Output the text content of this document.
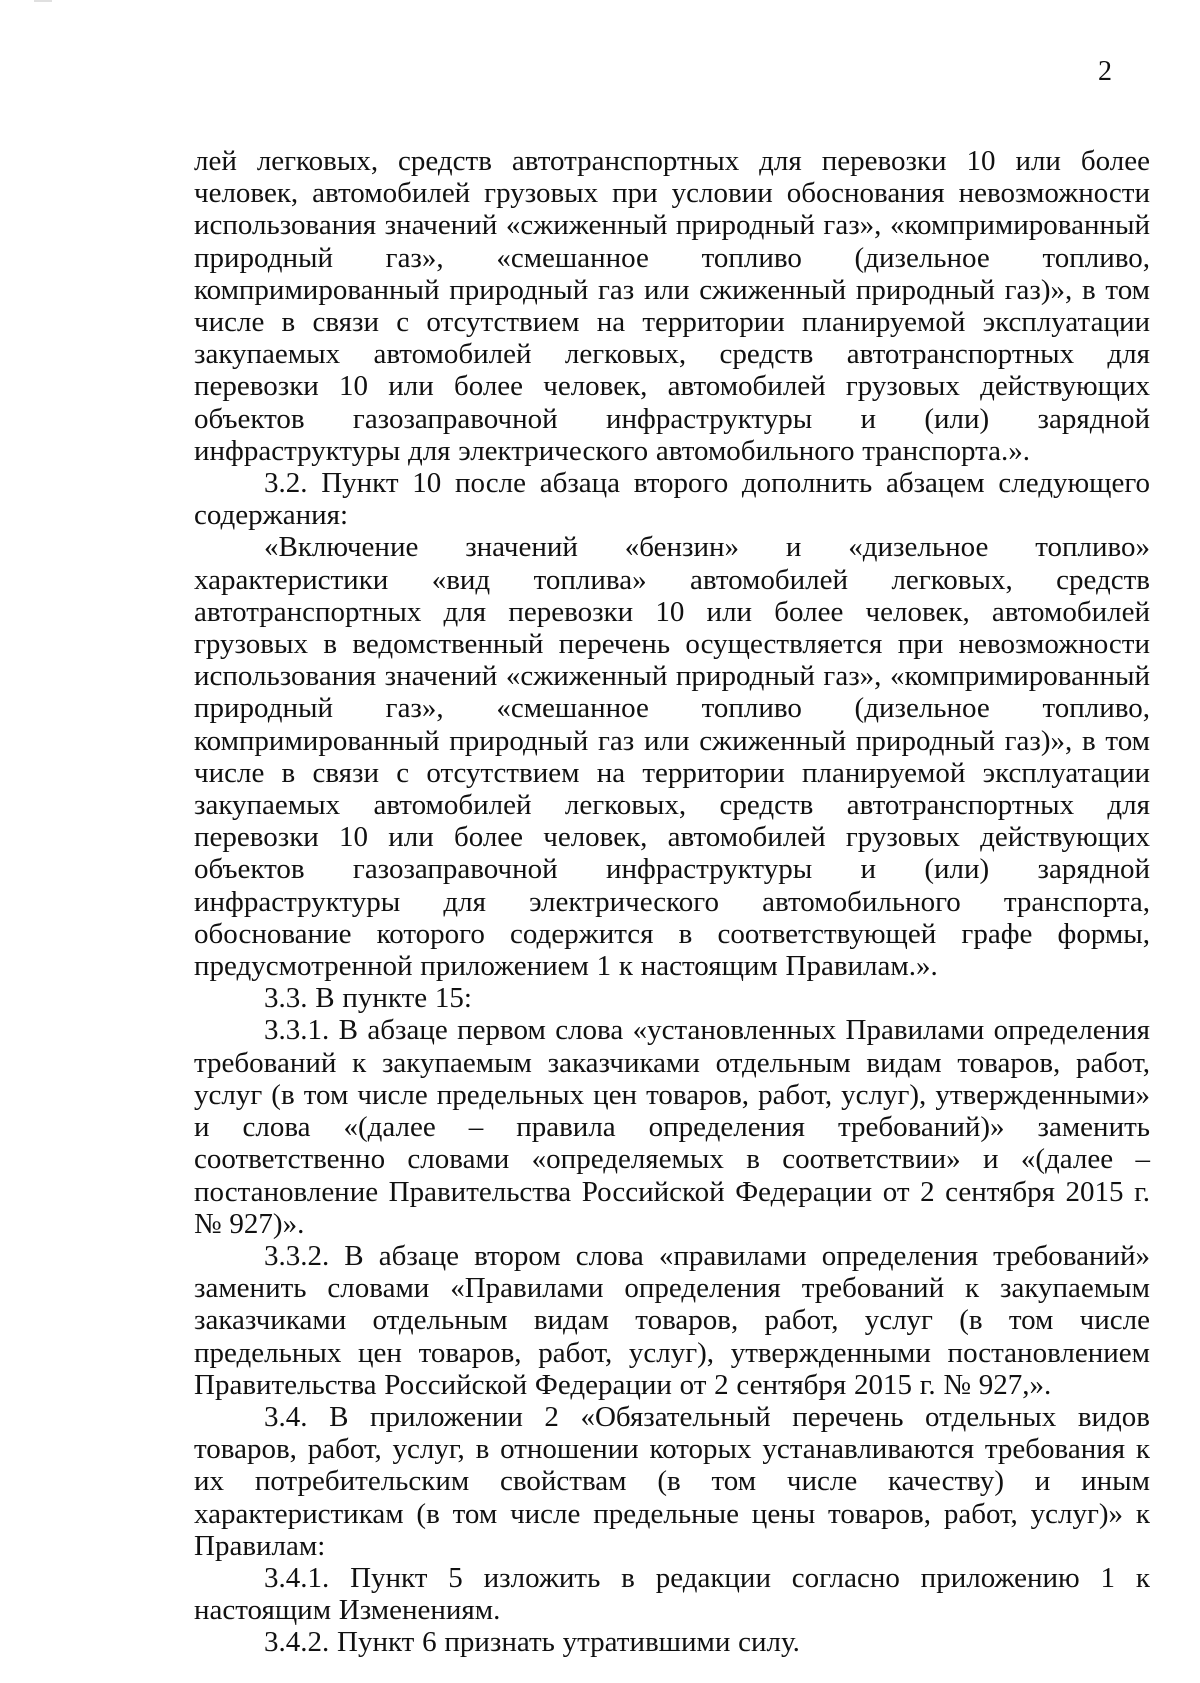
2

лей легковых, средств автотранспортных для перевозки 10 или более человек, автомобилей грузовых при условии обоснования невозможности использования значений «сжиженный природный газ», «компримированный природный газ», «смешанное топливо (дизельное топливо, компримированный природный газ или сжиженный природный газ)», в том числе в связи с отсутствием на территории планируемой эксплуатации закупаемых автомобилей легковых, средств автотранспортных для перевозки 10 или более человек, автомобилей грузовых действующих объектов газозаправочной инфраструктуры и (или) зарядной инфраструктуры для электрического автомобильного транспорта.».

3.2. Пункт 10 после абзаца второго дополнить абзацем следующего содержания:

«Включение значений «бензин» и «дизельное топливо» характеристики «вид топлива» автомобилей легковых, средств автотранспортных для перевозки 10 или более человек, автомобилей грузовых в ведомственный перечень осуществляется при невозможности использования значений «сжиженный природный газ», «компримированный природный газ», «смешанное топливо (дизельное топливо, компримированный природный газ или сжиженный природный газ)», в том числе в связи с отсутствием на территории планируемой эксплуатации закупаемых автомобилей легковых, средств автотранспортных для перевозки 10 или более человек, автомобилей грузовых действующих объектов газозаправочной инфраструктуры и (или) зарядной инфраструктуры для электрического автомобильного транспорта, обоснование которого содержится в соответствующей графе формы, предусмотренной приложением 1 к настоящим Правилам.».

3.3. В пункте 15:

3.3.1. В абзаце первом слова «установленных Правилами определения требований к закупаемым заказчиками отдельным видам товаров, работ, услуг (в том числе предельных цен товаров, работ, услуг), утвержденными» и слова «(далее – правила определения требований)» заменить соответственно словами «определяемых в соответствии» и «(далее – постановление Правительства Российской Федерации от 2 сентября 2015 г. № 927)».

3.3.2. В абзаце втором слова «правилами определения требований» заменить словами «Правилами определения требований к закупаемым заказчиками отдельным видам товаров, работ, услуг (в том числе предельных цен товаров, работ, услуг), утвержденными постановлением Правительства Российской Федерации от 2 сентября 2015 г. № 927,».

3.4. В приложении 2 «Обязательный перечень отдельных видов товаров, работ, услуг, в отношении которых устанавливаются требования к их потребительским свойствам (в том числе качеству) и иным характеристикам (в том числе предельные цены товаров, работ, услуг)» к Правилам:

3.4.1. Пункт 5 изложить в редакции согласно приложению 1 к настоящим Изменениям.

3.4.2. Пункт 6 признать утратившими силу.
